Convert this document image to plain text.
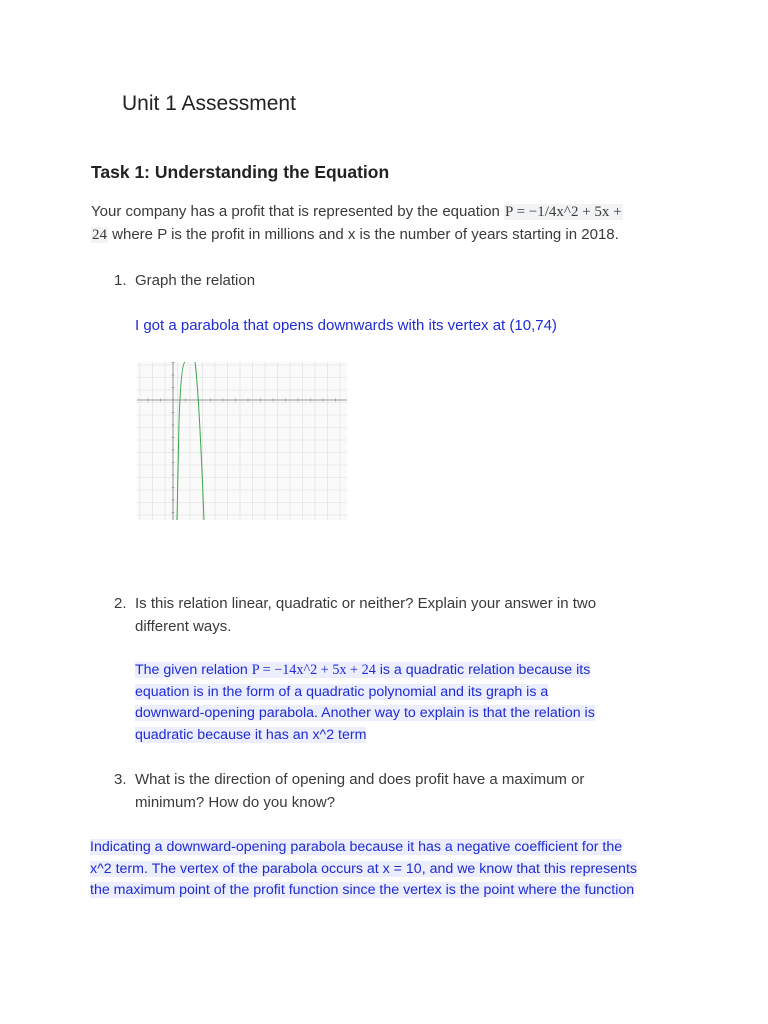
Unit 1 Assessment
Task 1: Understanding the Equation
Your company has a profit that is represented by the equation P = −1/4x^2 + 5x +
24 where P is the profit in millions and x is the number of years starting in 2018.
1. Graph the relation
I got a parabola that opens downwards with its vertex at (10,74)
2. Is this relation linear, quadratic or neither? Explain your answer in two
different ways.
The given relation P = −14x^2 + 5x + 24 is a quadratic relation because its
equation is in the form of a quadratic polynomial and its graph is a
downward-opening parabola. Another way to explain is that the relation is
quadratic because it has an x^2 term
3. What is the direction of opening and does profit have a maximum or
minimum? How do you know?
Indicating a downward-opening parabola because it has a negative coefficient for the
x^2 term. The vertex of the parabola occurs at x = 10, and we know that this represents
the maximum point of the profit function since the vertex is the point where the function
